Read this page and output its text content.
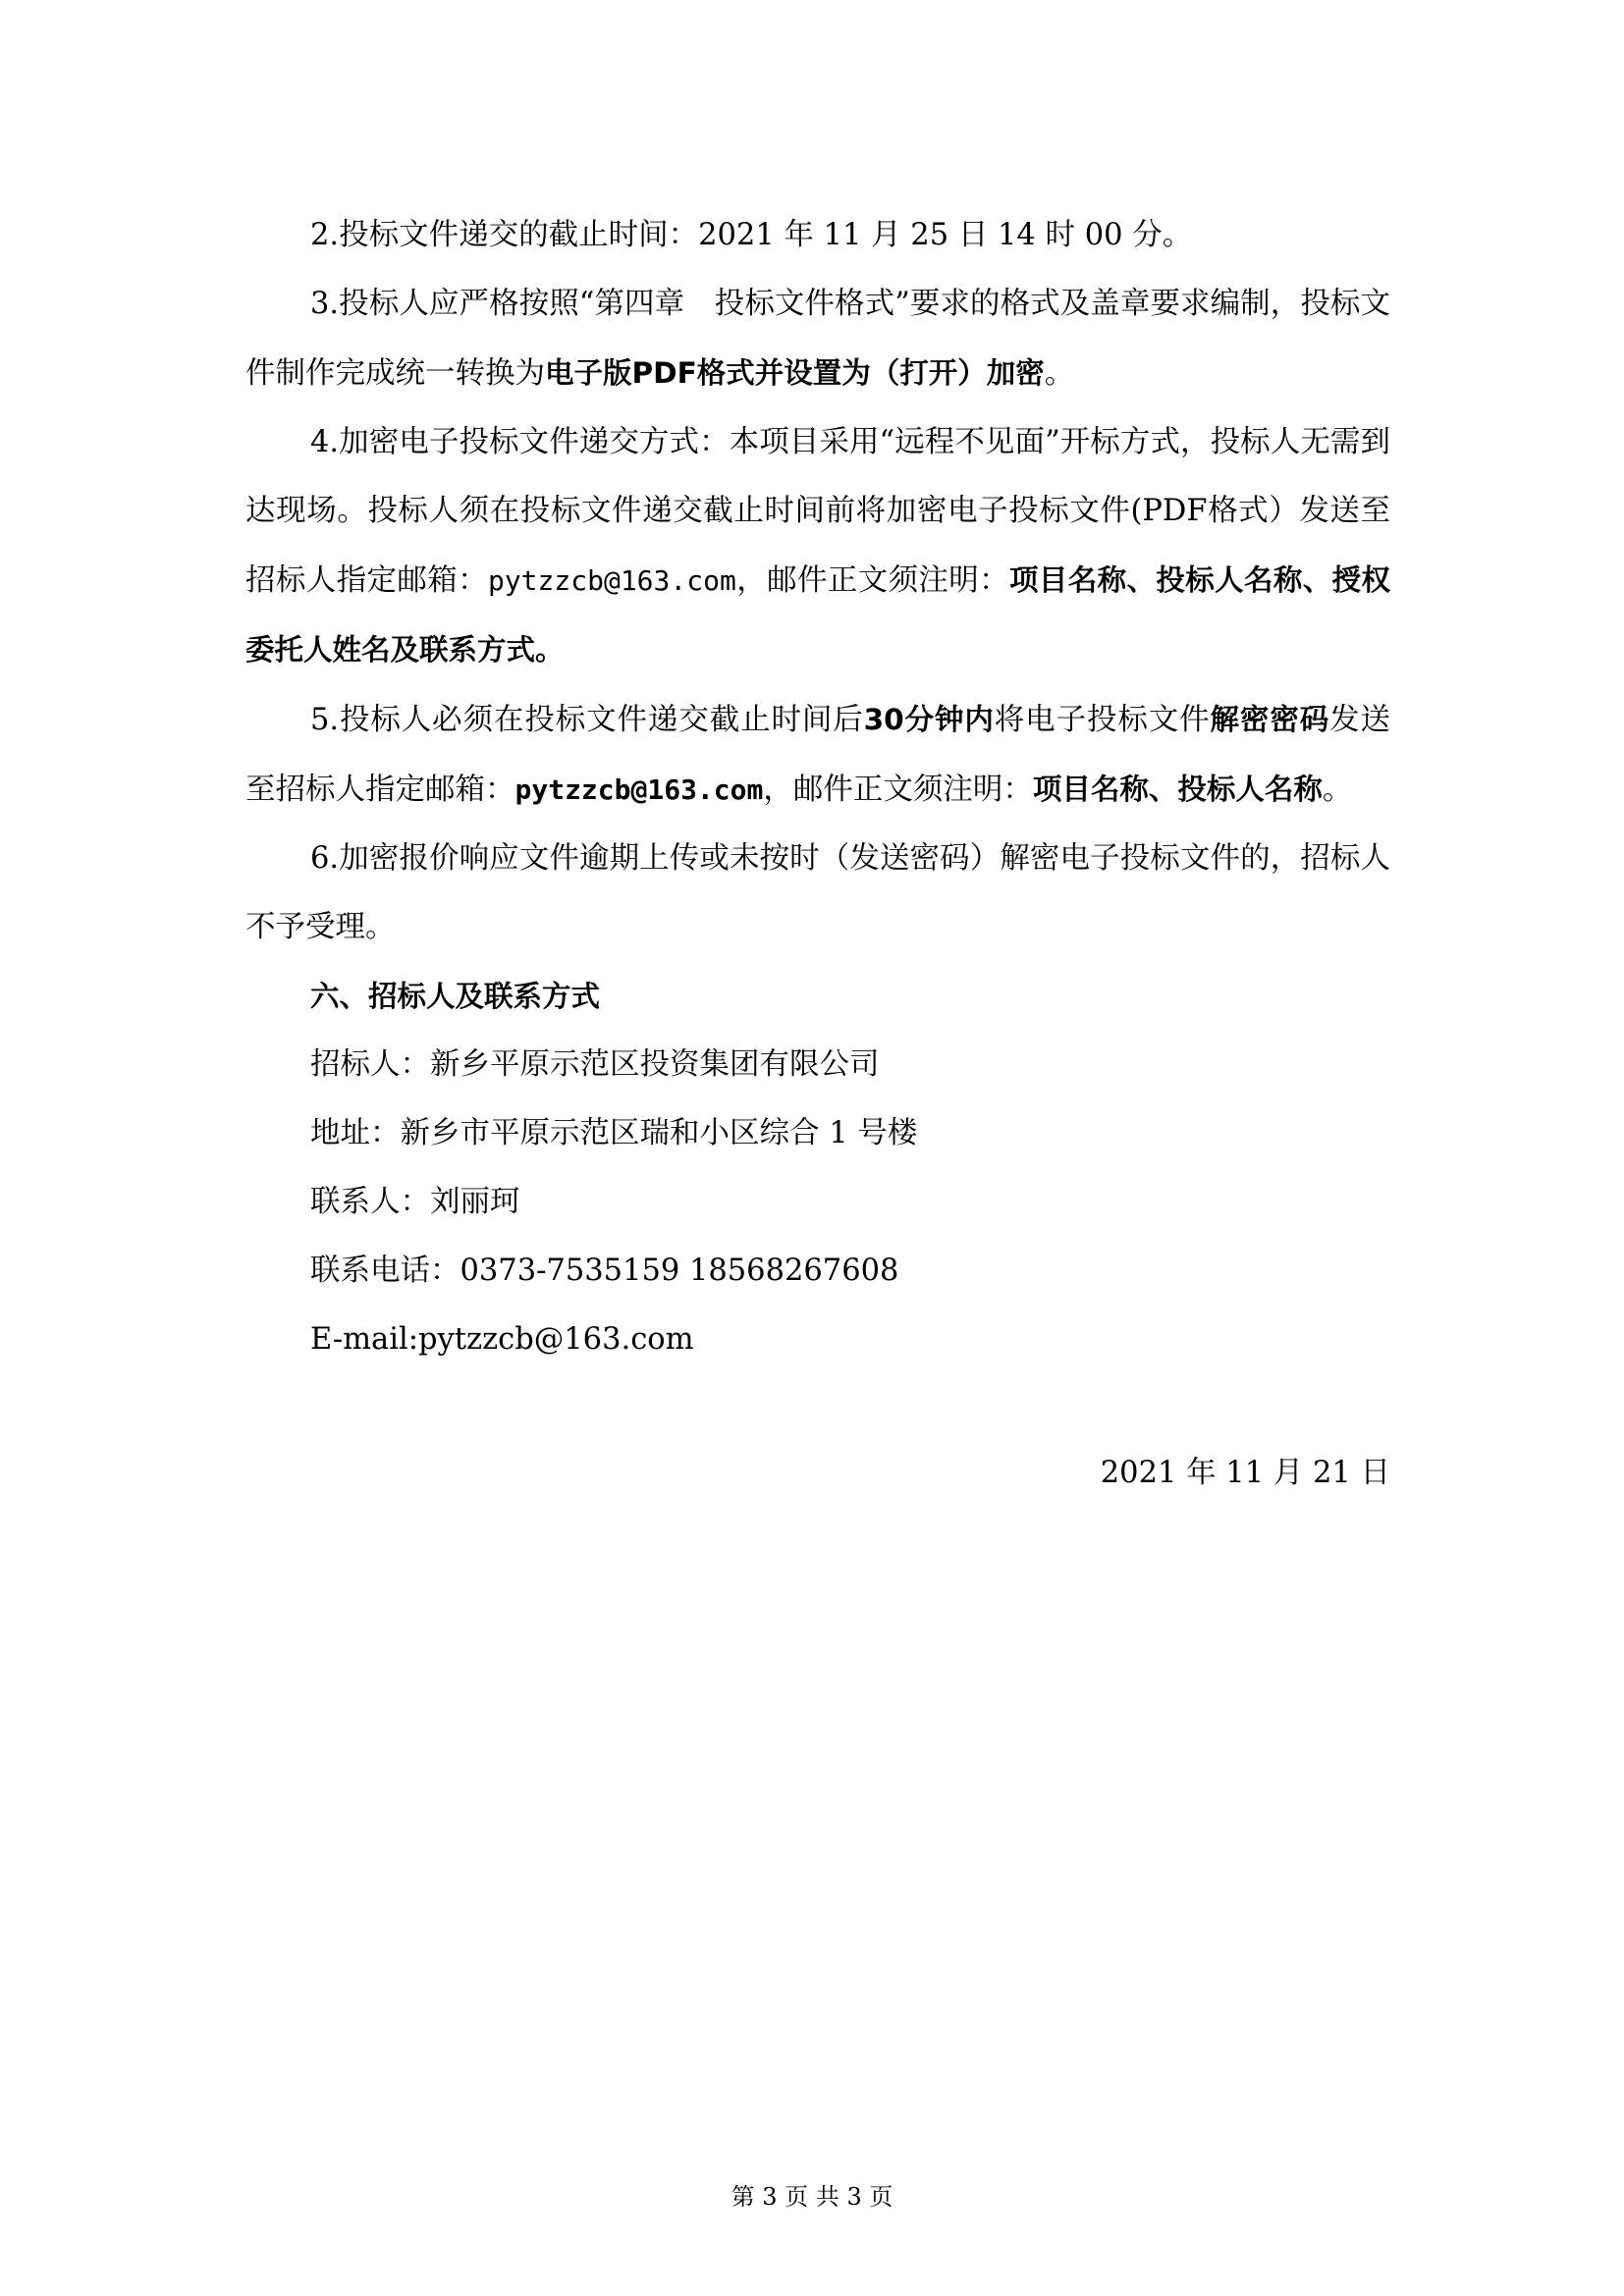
2.投标文件递交的截止时间：2021 年 11 月 25 日 14 时 00 分。

3.投标人应严格按照“第四章　投标文件格式”要求的格式及盖章要求编制，投标文件制作完成统一转换为电子版PDF格式并设置为（打开）加密。

4.加密电子投标文件递交方式：本项目采用“远程不见面”开标方式，投标人无需到达现场。投标人须在投标文件递交截止时间前将加密电子投标文件(PDF格式）发送至招标人指定邮箱：pytzzcb@163.com，邮件正文须注明：项目名称、投标人名称、授权委托人姓名及联系方式。

5.投标人必须在投标文件递交截止时间后30分钟内将电子投标文件解密密码发送至招标人指定邮箱：pytzzcb@163.com，邮件正文须注明：项目名称、投标人名称。

6.加密报价响应文件逾期上传或未按时（发送密码）解密电子投标文件的，招标人不予受理。

六、招标人及联系方式

招标人：新乡平原示范区投资集团有限公司

地址：新乡市平原示范区瑞和小区综合 1 号楼

联系人：刘丽珂

联系电话：0373-7535159 18568267608

E-mail:pytzzcb@163.com

2021 年 11 月 21 日
第 3 页 共 3 页
